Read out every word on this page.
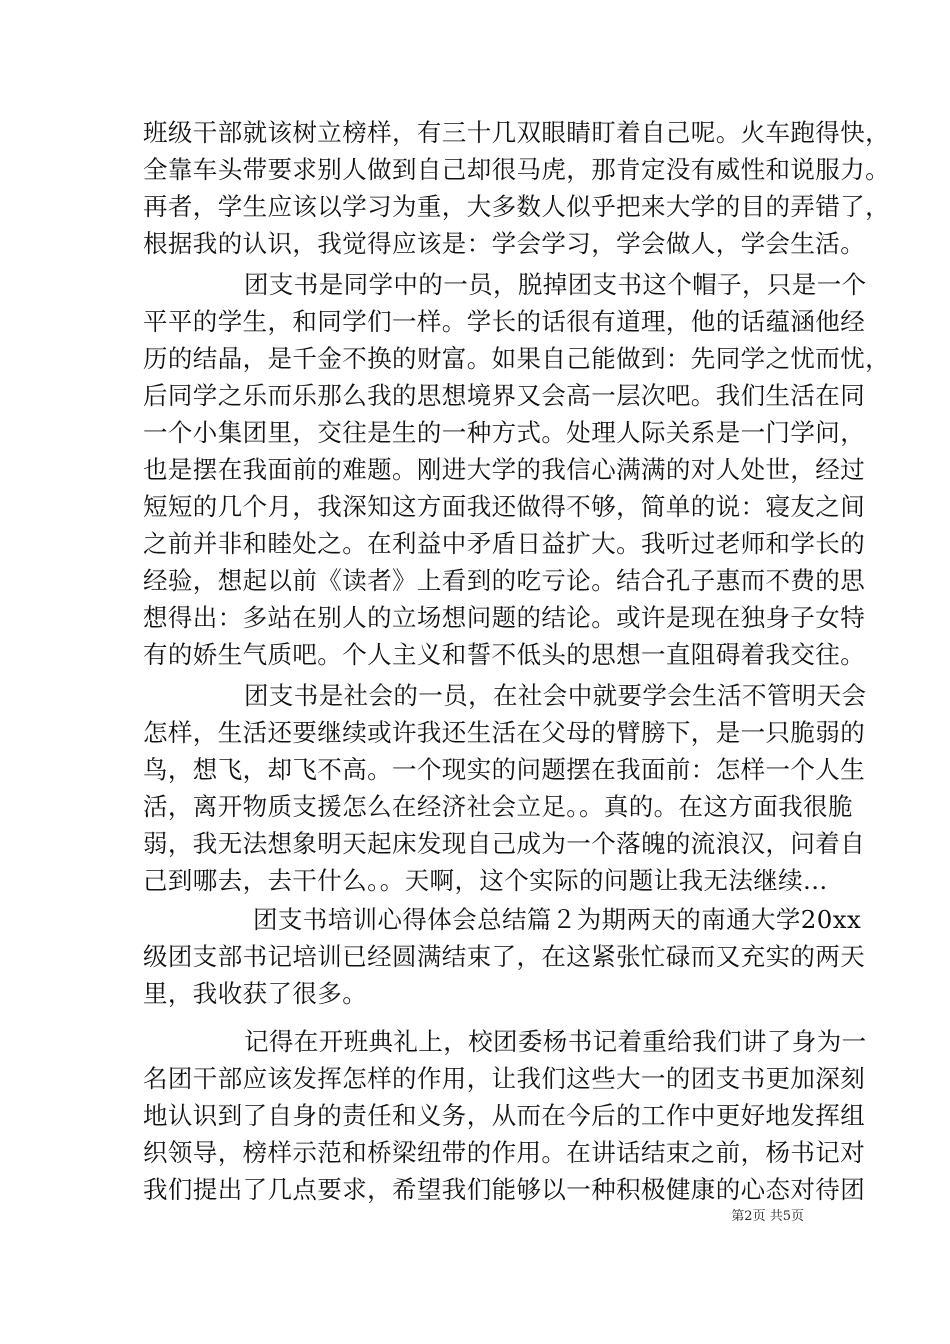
班级干部就该树立榜样，有三十几双眼睛盯着自己呢。火车跑得快，
全靠车头带要求别人做到自己却很马虎，那肯定没有威性和说服力。
再者，学生应该以学习为重，大多数人似乎把来大学的目的弄错了，
根据我的认识，我觉得应该是：学会学习，学会做人，学会生活。
团支书是同学中的一员，脱掉团支书这个帽子，只是一个
平平的学生，和同学们一样。学长的话很有道理，他的话蕴涵他经
历的结晶，是千金不换的财富。如果自己能做到：先同学之忧而忧，
后同学之乐而乐那么我的思想境界又会高一层次吧。我们生活在同
一个小集团里，交往是生的一种方式。处理人际关系是一门学问，
也是摆在我面前的难题。刚进大学的我信心满满的对人处世，经过
短短的几个月，我深知这方面我还做得不够，简单的说：寝友之间
之前并非和睦处之。在利益中矛盾日益扩大。我听过老师和学长的
经验，想起以前《读者》上看到的吃亏论。结合孔子惠而不费的思
想得出：多站在别人的立场想问题的结论。或许是现在独身子女特
有的娇生气质吧。个人主义和誓不低头的思想一直阻碍着我交往。
团支书是社会的一员，在社会中就要学会生活不管明天会
怎样，生活还要继续或许我还生活在父母的臂膀下，是一只脆弱的
鸟，想飞，却飞不高。一个现实的问题摆在我面前：怎样一个人生
活，离开物质支援怎么在经济社会立足。。真的。在这方面我很脆
弱，我无法想象明天起床发现自己成为一个落魄的流浪汉，问着自
己到哪去，去干什么。。天啊，这个实际的问题让我无法继续...
团支书培训心得体会总结篇２为期两天的南通大学20xx
级团支部书记培训已经圆满结束了，在这紧张忙碌而又充实的两天
里，我收获了很多。
记得在开班典礼上，校团委杨书记着重给我们讲了身为一
名团干部应该发挥怎样的作用，让我们这些大一的团支书更加深刻
地认识到了自身的责任和义务，从而在今后的工作中更好地发挥组
织领导，榜样示范和桥梁纽带的作用。在讲话结束之前，杨书记对
我们提出了几点要求，希望我们能够以一种积极健康的心态对待团
第2页 共5页
